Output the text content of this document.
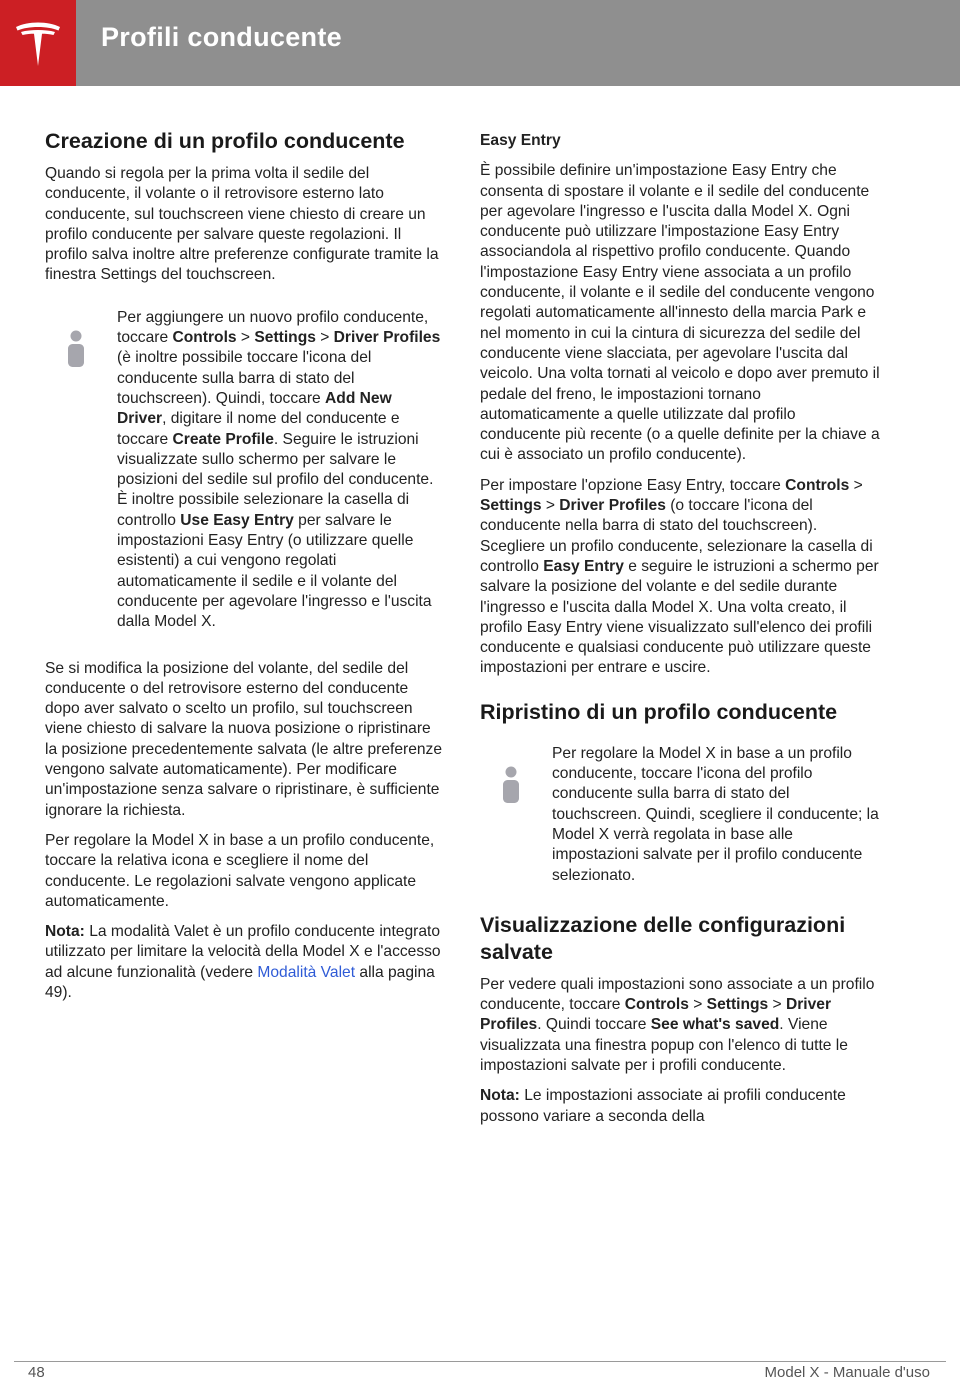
Profili conducente
Creazione di un profilo conducente

Quando si regola per la prima volta il sedile del conducente, il volante o il retrovisore esterno lato conducente, sul touchscreen viene chiesto di creare un profilo conducente per salvare queste regolazioni. Il profilo salva inoltre altre preferenze configurate tramite la finestra Settings del touchscreen.

Per aggiungere un nuovo profilo conducente, toccare Controls > Settings > Driver Profiles (è inoltre possibile toccare l'icona del conducente sulla barra di stato del touchscreen). Quindi, toccare Add New Driver, digitare il nome del conducente e toccare Create Profile. Seguire le istruzioni visualizzate sullo schermo per salvare le posizioni del sedile sul profilo del conducente. È inoltre possibile selezionare la casella di controllo Use Easy Entry per salvare le impostazioni Easy Entry (o utilizzare quelle esistenti) a cui vengono regolati automaticamente il sedile e il volante del conducente per agevolare l'ingresso e l'uscita dalla Model X.

Se si modifica la posizione del volante, del sedile del conducente o del retrovisore esterno del conducente dopo aver salvato o scelto un profilo, sul touchscreen viene chiesto di salvare la nuova posizione o ripristinare la posizione precedentemente salvata (le altre preferenze vengono salvate automaticamente). Per modificare un'impostazione senza salvare o ripristinare, è sufficiente ignorare la richiesta.

Per regolare la Model X in base a un profilo conducente, toccare la relativa icona e scegliere il nome del conducente. Le regolazioni salvate vengono applicate automaticamente.

Nota: La modalità Valet è un profilo conducente integrato utilizzato per limitare la velocità della Model X e l'accesso ad alcune funzionalità (vedere Modalità Valet alla pagina 49).

Easy Entry

È possibile definire un'impostazione Easy Entry che consenta di spostare il volante e il sedile del conducente per agevolare l'ingresso e l'uscita dalla Model X. Ogni conducente può utilizzare l'impostazione Easy Entry associandola al rispettivo profilo conducente. Quando l'impostazione Easy Entry viene associata a un profilo conducente, il volante e il sedile del conducente vengono regolati automaticamente all'innesto della marcia Park e nel momento in cui la cintura di sicurezza del sedile del conducente viene slacciata, per agevolare l'uscita dal veicolo. Una volta tornati al veicolo e dopo aver premuto il pedale del freno, le impostazioni tornano automaticamente a quelle utilizzate dal profilo conducente più recente (o a quelle definite per la chiave a cui è associato un profilo conducente).

Per impostare l'opzione Easy Entry, toccare Controls > Settings > Driver Profiles (o toccare l'icona del conducente nella barra di stato del touchscreen). Scegliere un profilo conducente, selezionare la casella di controllo Easy Entry e seguire le istruzioni a schermo per salvare la posizione del volante e del sedile durante l'ingresso e l'uscita dalla Model X. Una volta creato, il profilo Easy Entry viene visualizzato sull'elenco dei profili conducente e qualsiasi conducente può utilizzare queste impostazioni per entrare e uscire.

Ripristino di un profilo conducente

Per regolare la Model X in base a un profilo conducente, toccare l'icona del profilo conducente sulla barra di stato del touchscreen. Quindi, scegliere il conducente; la Model X verrà regolata in base alle impostazioni salvate per il profilo conducente selezionato.

Visualizzazione delle configurazioni salvate

Per vedere quali impostazioni sono associate a un profilo conducente, toccare Controls > Settings > Driver Profiles. Quindi toccare See what's saved. Viene visualizzata una finestra popup con l'elenco di tutte le impostazioni salvate per i profili conducente.

Nota: Le impostazioni associate ai profili conducente possono variare a seconda della

48	Model X - Manuale d'uso
